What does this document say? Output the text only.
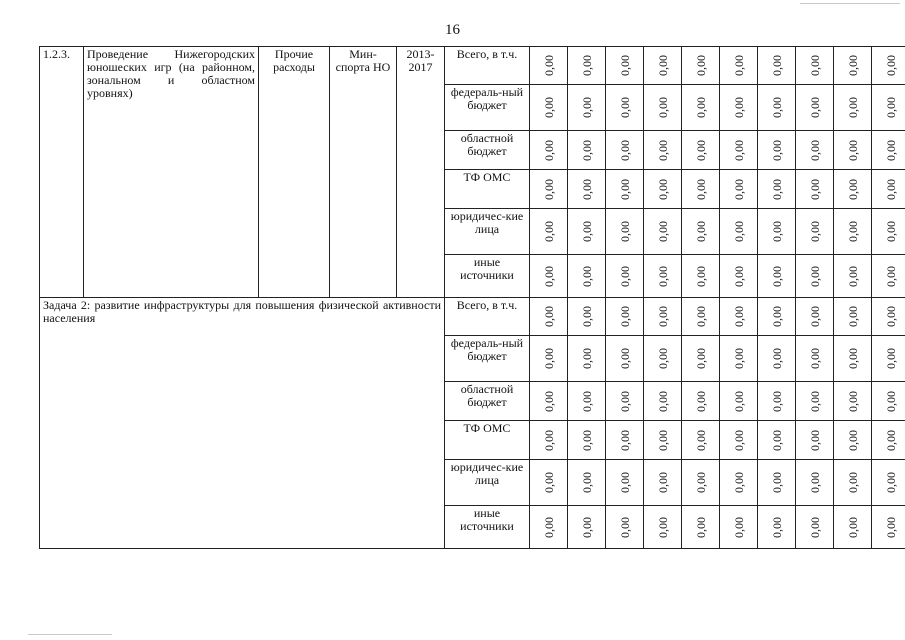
16
1.2.3.	Проведение Нижегородских юношеских игр (на районном, зональном и областном уровнях)	Прочие расходы	Мин-спорта НО	2013-2017	Всего, в т.ч.	0,00	0,00	0,00	0,00	0,00	0,00	0,00	0,00	0,00	0,00

					федераль-ный бюджет	0,00	0,00	0,00	0,00	0,00	0,00	0,00	0,00	0,00	0,00

					областной бюджет	0,00	0,00	0,00	0,00	0,00	0,00	0,00	0,00	0,00	0,00

					ТФ ОМС	0,00	0,00	0,00	0,00	0,00	0,00	0,00	0,00	0,00	0,00

					юридичес-кие лица	0,00	0,00	0,00	0,00	0,00	0,00	0,00	0,00	0,00	0,00

					иные источники	0,00	0,00	0,00	0,00	0,00	0,00	0,00	0,00	0,00	0,00

Задача 2: развитие инфраструктуры для повышения физической активности населения					Всего, в т.ч.	0,00	0,00	0,00	0,00	0,00	0,00	0,00	0,00	0,00	0,00

					федераль-ный бюджет	0,00	0,00	0,00	0,00	0,00	0,00	0,00	0,00	0,00	0,00

					областной бюджет	0,00	0,00	0,00	0,00	0,00	0,00	0,00	0,00	0,00	0,00

					ТФ ОМС	0,00	0,00	0,00	0,00	0,00	0,00	0,00	0,00	0,00	0,00

					юридичес-кие лица	0,00	0,00	0,00	0,00	0,00	0,00	0,00	0,00	0,00	0,00

					иные источники	0,00	0,00	0,00	0,00	0,00	0,00	0,00	0,00	0,00	0,00
